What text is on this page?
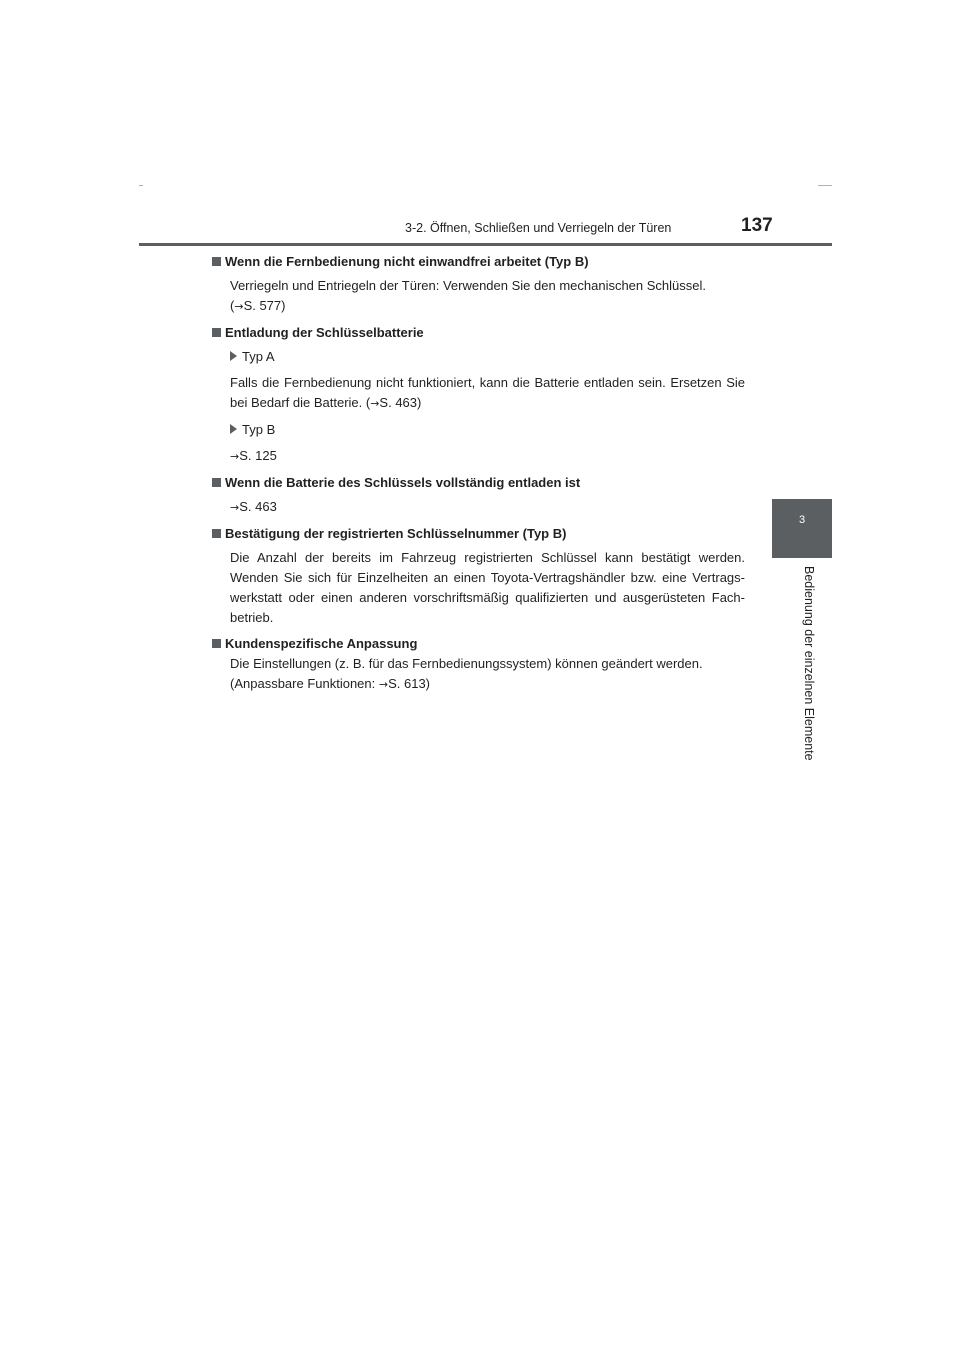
3-2. Öffnen, Schließen und Verriegeln der Türen	137
3
Bedienung der einzelnen Elemente
Wenn die Fernbedienung nicht einwandfrei arbeitet (Typ B)

Verriegeln und Entriegeln der Türen: Verwenden Sie den mechanischen Schlüssel.
(→S. 577)

Entladung der Schlüsselbatterie

Typ A

Falls die Fernbedienung nicht funktioniert, kann die Batterie entladen sein. Ersetzen Sie bei Bedarf die Batterie. (→S. 463)

Typ B

→S. 125

Wenn die Batterie des Schlüssels vollständig entladen ist

→S. 463

Bestätigung der registrierten Schlüsselnummer (Typ B)

Die Anzahl der bereits im Fahrzeug registrierten Schlüssel kann bestätigt werden. Wenden Sie sich für Einzelheiten an einen Toyota-Vertragshändler bzw. eine Vertrags-werkstatt oder einen anderen vorschriftsmäßig qualifizierten und ausgerüsteten Fach-betrieb.

Kundenspezifische Anpassung

Die Einstellungen (z. B. für das Fernbedienungssystem) können geändert werden.
(Anpassbare Funktionen: →S. 613)
